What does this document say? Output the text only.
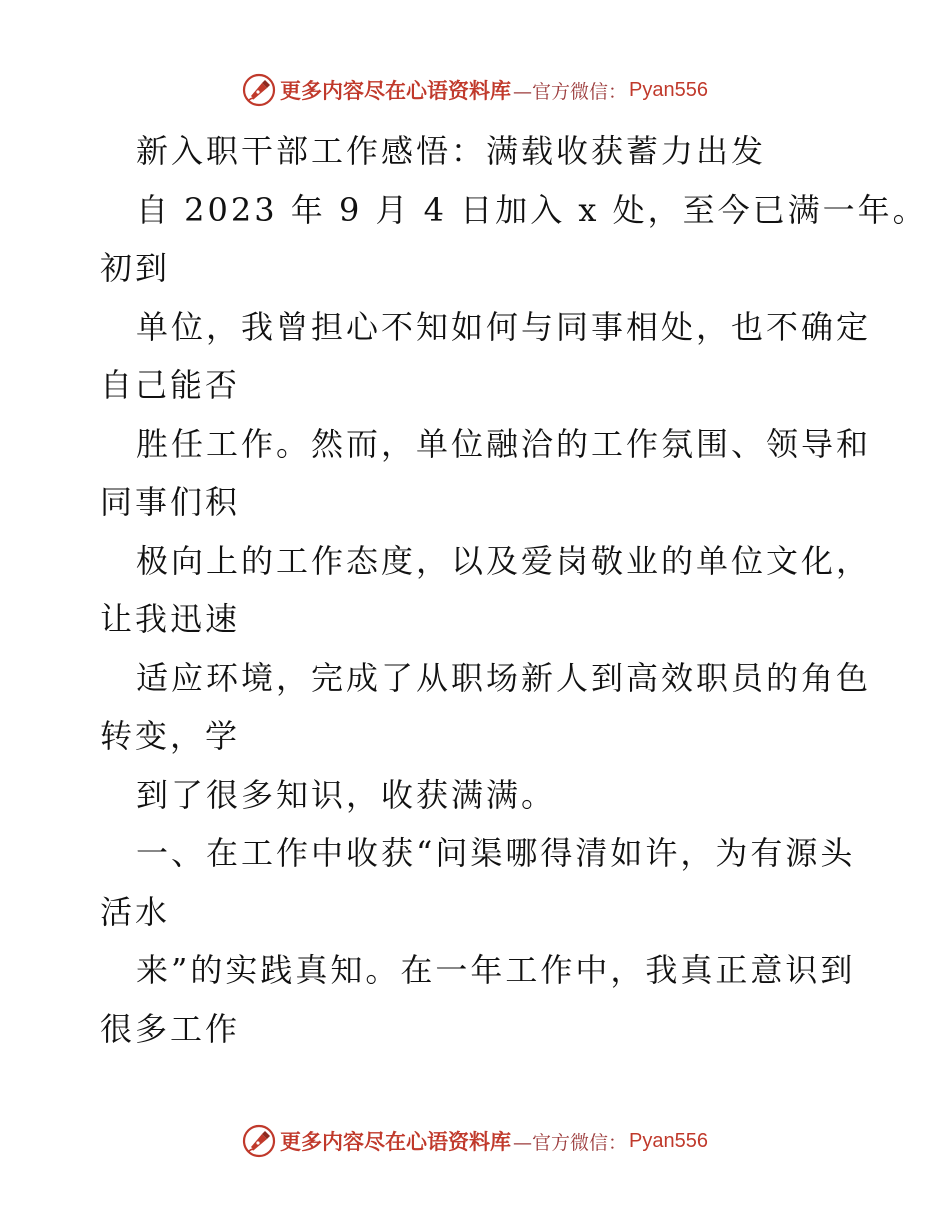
更多内容尽在心语资料库 —官方微信： Pyan556
新入职干部工作感悟：满载收获蓄力出发
自 2023 年 9 月 4 日加入 x 处，至今已满一年。
初到
单位，我曾担心不知如何与同事相处，也不确定
自己能否
胜任工作。然而，单位融洽的工作氛围、领导和
同事们积
极向上的工作态度，以及爱岗敬业的单位文化，
让我迅速
适应环境，完成了从职场新人到高效职员的角色
转变，学
到了很多知识，收获满满。
一、在工作中收获“问渠哪得清如许，为有源头
活水
来”的实践真知。在一年工作中，我真正意识到
很多工作
更多内容尽在心语资料库 —官方微信： Pyan556
